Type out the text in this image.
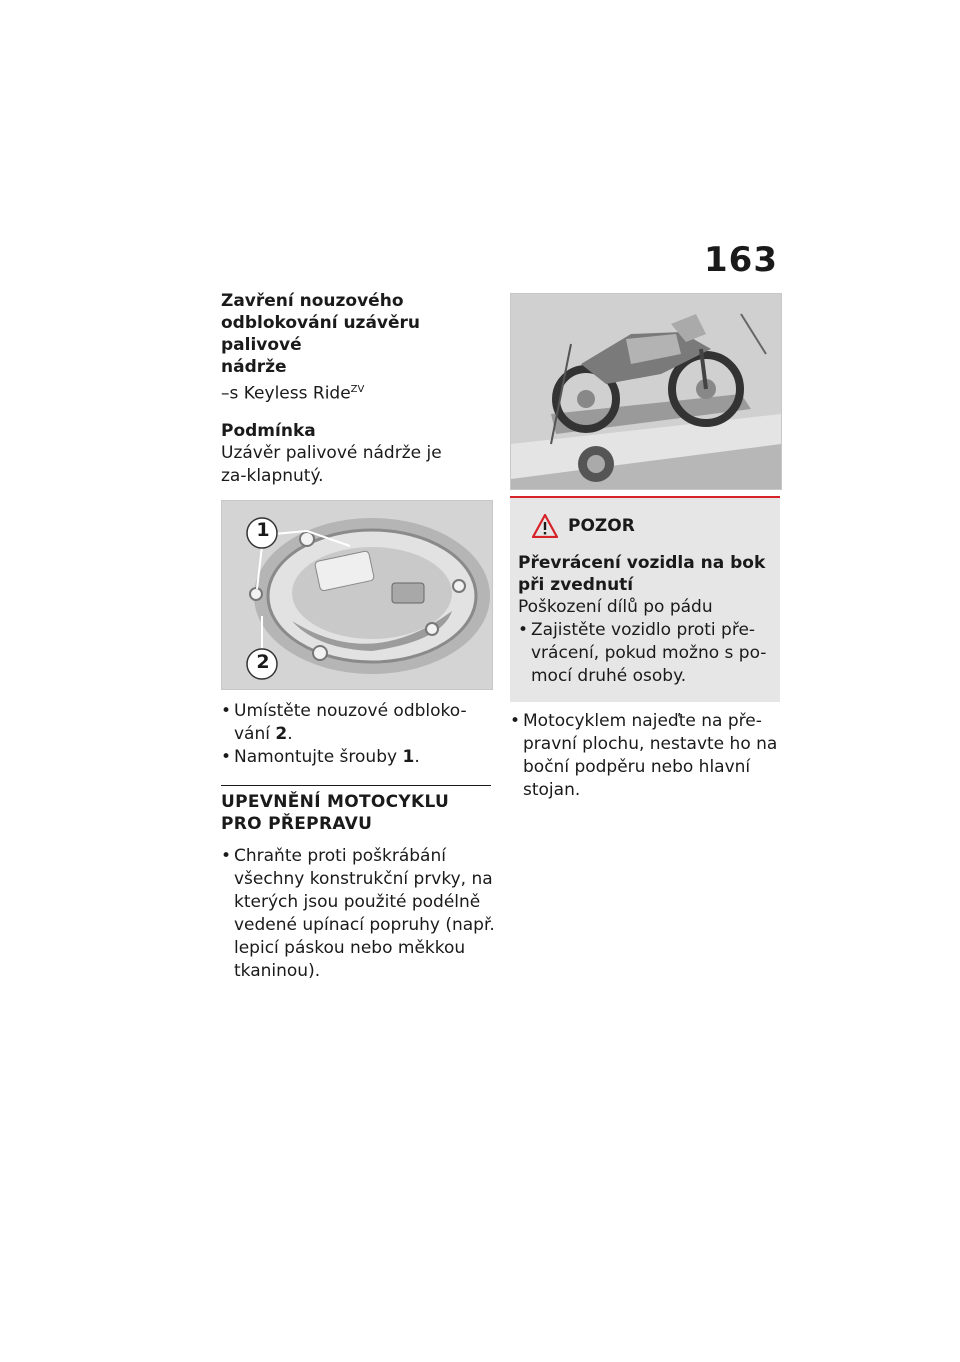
163

Zavření nouzového

odblokování uzávěru palivové

nádrže

–s Keyless Ride$^{ZV}$

Podmínka

Uzávěr palivové nádrže je za-klapnutý.

1
2
• Umístěte nouzové odbloko-vání 2.
• Namontujte šrouby 1.
UPEVNĚNÍ MOTOCYKLU PRO PŘEPRAVU
• Chraňte proti poškrábání všechny konstrukční prvky, na kterých jsou použité podélně vedené upínací popruhy (např. lepicí páskou nebo měkkou tkaninou).
POZOR

Převrácení vozidla na bok

při zvednutí

Poškození dílů po pádu

• Zajistěte vozidlo proti pře-vrácení, pokud možno s po-mocí druhé osoby.
• Motocyklem najeďte na pře-pravní plochu, nestavte ho na boční podpěru nebo hlavní stojan.
